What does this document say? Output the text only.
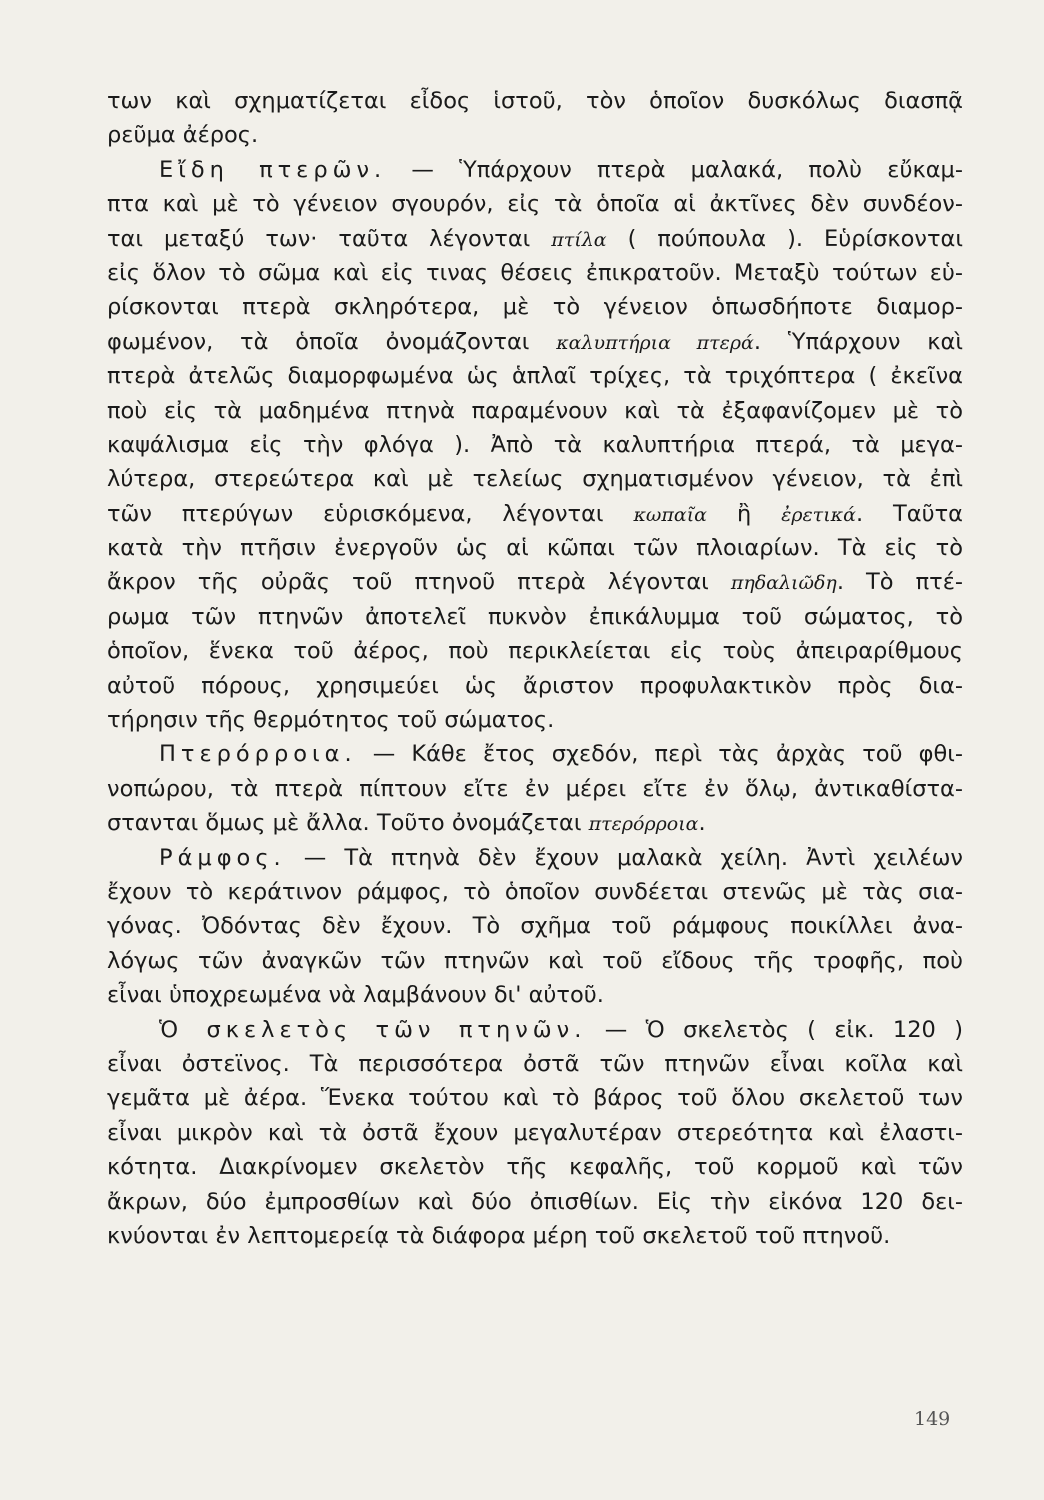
των καὶ σχηματίζεται εἶδος ἱστοῦ, τὸν ὁποῖον δυσκόλως διασπᾷ
ρεῦμα ἀέρος.
Εἴδη πτερῶν. — Ὑπάρχουν πτερὰ μαλακά, πολὺ εὔκαμ-
πτα καὶ μὲ τὸ γένειον σγουρόν, εἰς τὰ ὁποῖα αἱ ἀκτῖνες δὲν συνδέον-
ται μεταξύ των· ταῦτα λέγονται πτίλα ( πούπουλα ). Εὑρίσκονται
εἰς ὅλον τὸ σῶμα καὶ εἰς τινας θέσεις ἐπικρατοῦν. Μεταξὺ τούτων εὑ-
ρίσκονται πτερὰ σκληρότερα, μὲ τὸ γένειον ὁπωσδήποτε διαμορ-
φωμένον, τὰ ὁποῖα ὀνομάζονται καλυπτήρια πτερά. Ὑπάρχουν καὶ
πτερὰ ἀτελῶς διαμορφωμένα ὡς ἁπλαῖ τρίχες, τὰ τριχόπτερα ( ἐκεῖνα
ποὺ εἰς τὰ μαδημένα πτηνὰ παραμένουν καὶ τὰ ἐξαφανίζομεν μὲ τὸ
καψάλισμα εἰς τὴν φλόγα ). Ἀπὸ τὰ καλυπτήρια πτερά, τὰ μεγα-
λύτερα, στερεώτερα καὶ μὲ τελείως σχηματισμένον γένειον, τὰ ἐπὶ
τῶν πτερύγων εὑρισκόμενα, λέγονται κωπαῖα ἢ ἐρετικά. Ταῦτα
κατὰ τὴν πτῆσιν ἐνεργοῦν ὡς αἱ κῶπαι τῶν πλοιαρίων. Τὰ εἰς τὸ
ἄκρον τῆς οὐρᾶς τοῦ πτηνοῦ πτερὰ λέγονται πηδαλιῶδη. Τὸ πτέ-
ρωμα τῶν πτηνῶν ἀποτελεῖ πυκνὸν ἐπικάλυμμα τοῦ σώματος, τὸ
ὁποῖον, ἕνεκα τοῦ ἀέρος, ποὺ περικλείεται εἰς τοὺς ἀπειραρίθμους
αὐτοῦ πόρους, χρησιμεύει ὡς ἄριστον προφυλακτικὸν πρὸς δια-
τήρησιν τῆς θερμότητος τοῦ σώματος.
Πτερόρροια. — Κάθε ἔτος σχεδόν, περὶ τὰς ἀρχὰς τοῦ φθι-
νοπώρου, τὰ πτερὰ πίπτουν εἴτε ἐν μέρει εἴτε ἐν ὅλῳ, ἀντικαθίστα-
στανται ὅμως μὲ ἄλλα. Τοῦτο ὀνομάζεται πτερόρροια.
Ράμφος. — Τὰ πτηνὰ δὲν ἔχουν μαλακὰ χείλη. Ἀντὶ χειλέων
ἔχουν τὸ κεράτινον ράμφος, τὸ ὁποῖον συνδέεται στενῶς μὲ τὰς σια-
γόνας. Ὀδόντας δὲν ἔχουν. Τὸ σχῆμα τοῦ ράμφους ποικίλλει ἀνα-
λόγως τῶν ἀναγκῶν τῶν πτηνῶν καὶ τοῦ εἴδους τῆς τροφῆς, ποὺ
εἶναι ὑποχρεωμένα νὰ λαμβάνουν δι' αὐτοῦ.
Ὁ σκελετὸς τῶν πτηνῶν. — Ὁ σκελετὸς ( εἰκ. 120 )
εἶναι ὀστεϊνος. Τὰ περισσότερα ὀστᾶ τῶν πτηνῶν εἶναι κοῖλα καὶ
γεμᾶτα μὲ ἀέρα. Ἕνεκα τούτου καὶ τὸ βάρος τοῦ ὅλου σκελετοῦ των
εἶναι μικρὸν καὶ τὰ ὀστᾶ ἔχουν μεγαλυτέραν στερεότητα καὶ ἐλαστι-
κότητα. Διακρίνομεν σκελετὸν τῆς κεφαλῆς, τοῦ κορμοῦ καὶ τῶν
ἄκρων, δύο ἐμπροσθίων καὶ δύο ὀπισθίων. Εἰς τὴν εἰκόνα 120 δει-
κνύονται ἐν λεπτομερείᾳ τὰ διάφορα μέρη τοῦ σκελετοῦ τοῦ πτηνοῦ.
149
